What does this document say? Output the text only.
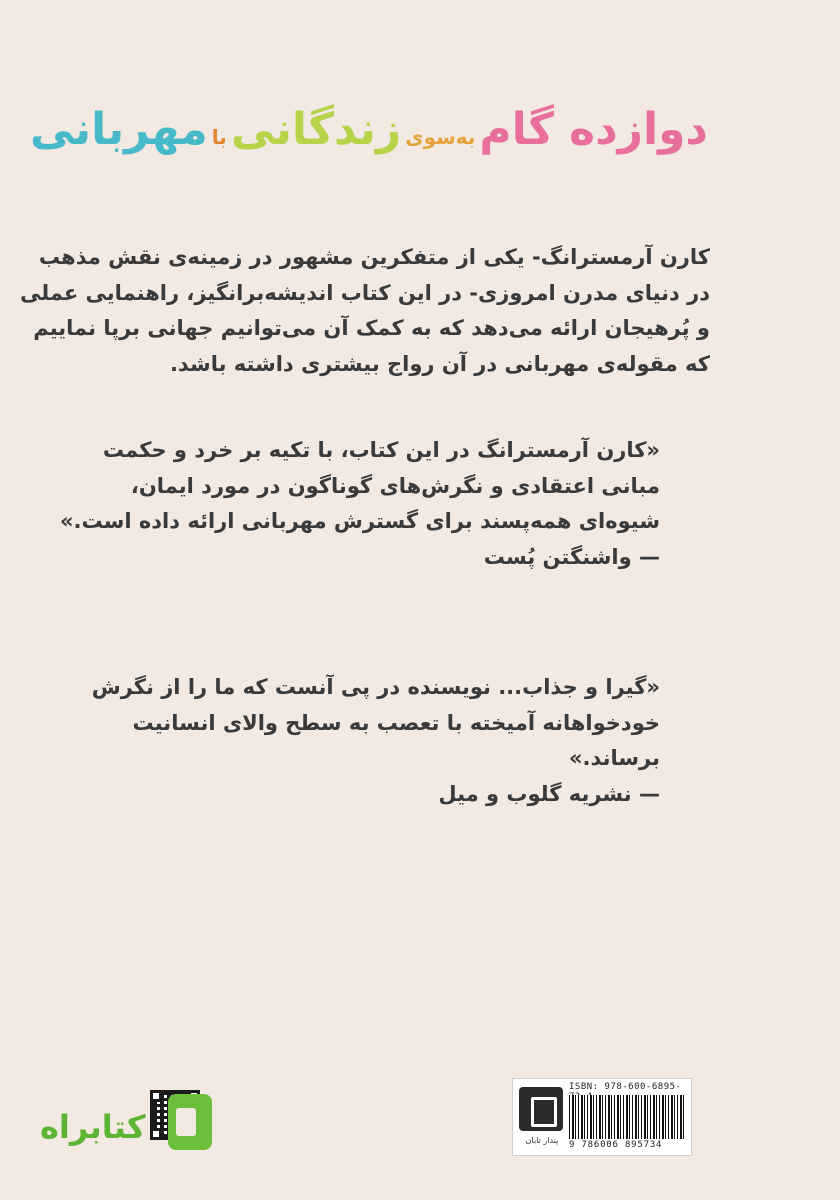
دوازده گامبه‌سویزندگانیبامهربانی
کارن آرمسترانگ- یکی از متفکرین مشهور در زمینه‌ی نقش مذهب
در دنیای مدرن امروزی- در این کتاب اندیشه‌برانگیز، راهنمایی عملی
و پُرهیجان ارائه می‌دهد که به کمک آن می‌توانیم جهانی برپا نماییم
که مقوله‌ی مهربانی در آن رواج بیشتری داشته باشد.
«کارن آرمسترانگ در این کتاب، با تکیه بر خرد و حکمت
مبانی اعتقادی و نگرش‌های گوناگون در مورد ایمان،
شیوه‌ای همه‌پسند برای گسترش مهربانی ارائه داده است.»
— واشنگتن پُست
«گیرا و جذاب... نویسنده در پی آنست که ما را از نگرش
خودخواهانه آمیخته با تعصب به سطح والای انسانیت
برساند.»
— نشریه گلوب و میل
پندار تابان
ISBN: 978-600-6895-
9 786006 895734
کتابراه
